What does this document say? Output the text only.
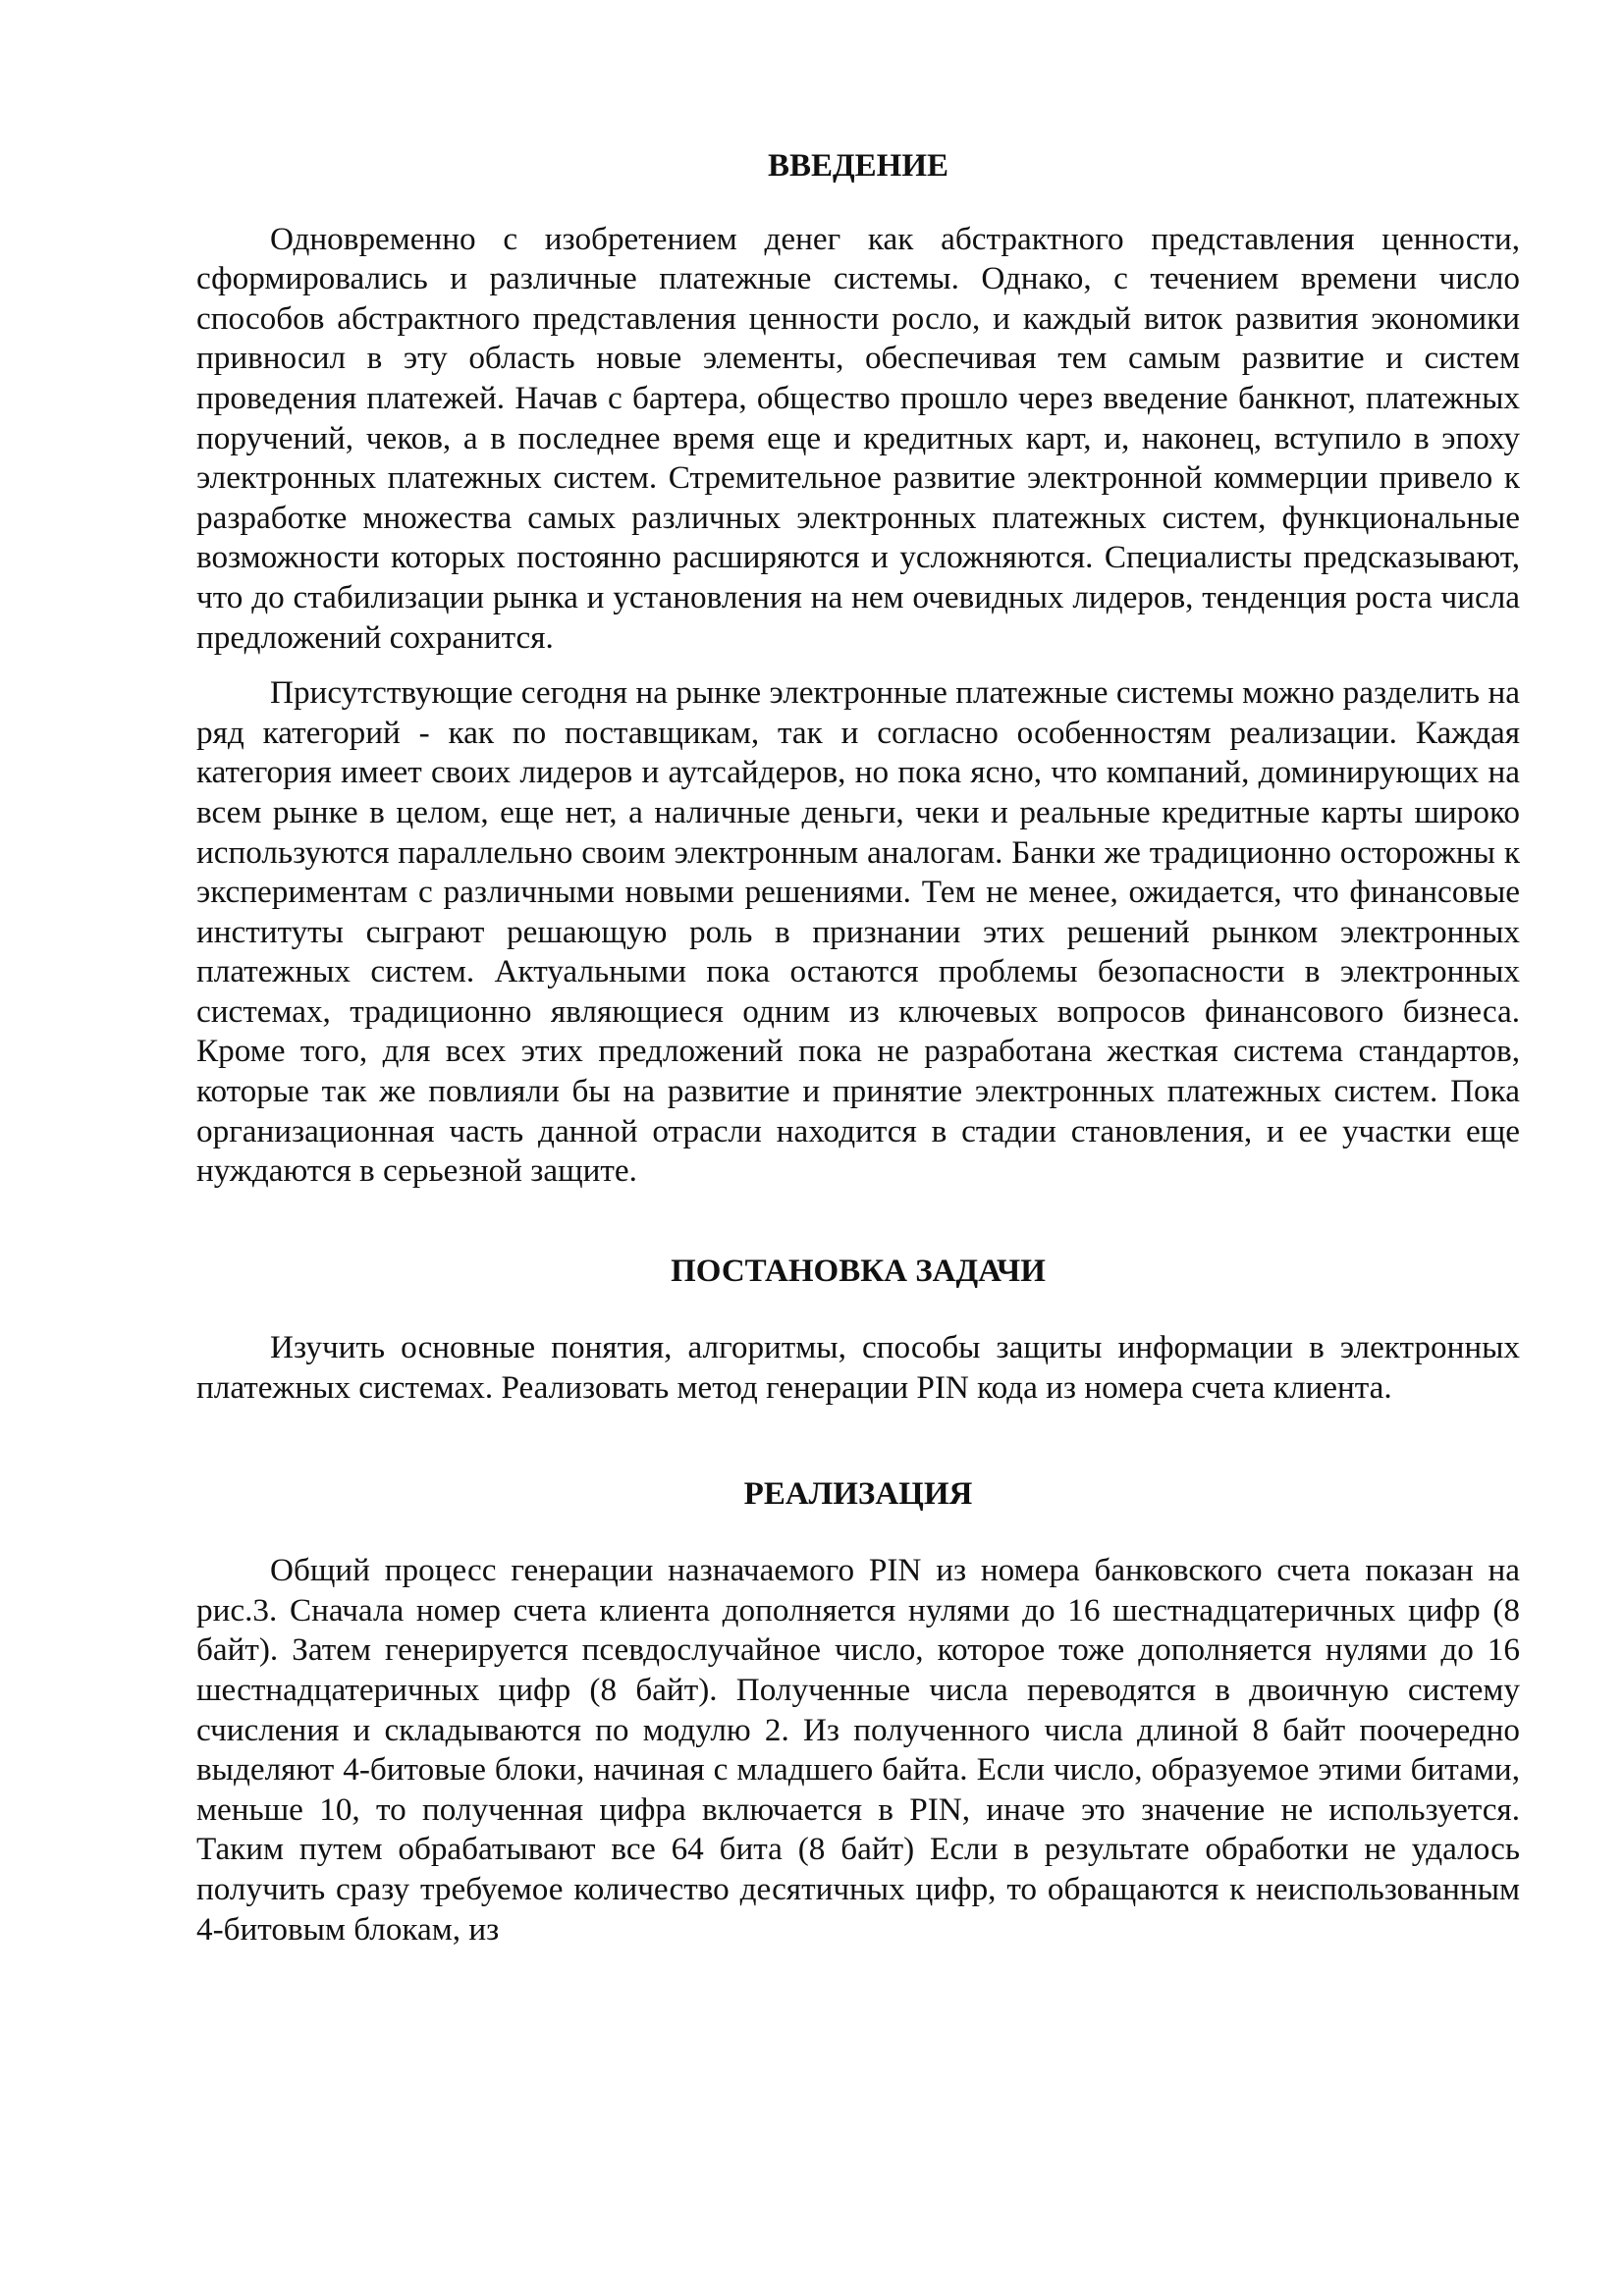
ВВЕДЕНИЕ

Одновременно с изобретением денег как абстрактного представления ценности, сформировались и различные платежные системы. Однако, с течением времени число способов абстрактного представления ценности росло, и каждый виток развития экономики привносил в эту область новые элементы, обеспечивая тем самым развитие и систем проведения платежей. Начав с бартера, общество прошло через введение банкнот, платежных поручений, чеков, а в последнее время еще и кредитных карт, и, наконец, вступило в эпоху электронных платежных систем. Стремительное развитие электронной коммерции привело к разработке множества самых различных электронных платежных систем, функциональные возможности которых постоянно расширяются и усложняются. Специалисты предсказывают, что до стабилизации рынка и установления на нем очевидных лидеров, тенденция роста числа предложений сохранится.

Присутствующие сегодня на рынке электронные платежные системы можно разделить на ряд категорий - как по поставщикам, так и согласно особенностям реализации. Каждая категория имеет своих лидеров и аутсайдеров, но пока ясно, что компаний, доминирующих на всем рынке в целом, еще нет, а наличные деньги, чеки и реальные кредитные карты широко используются параллельно своим электронным аналогам. Банки же традиционно осторожны к экспериментам с различными новыми решениями. Тем не менее, ожидается, что финансовые институты сыграют решающую роль в признании этих решений рынком электронных платежных систем. Актуальными пока остаются проблемы безопасности в электронных системах, традиционно являющиеся одним из ключевых вопросов финансового бизнеса. Кроме того, для всех этих предложений пока не разработана жесткая система стандартов, которые так же повлияли бы на развитие и принятие электронных платежных систем. Пока организационная часть данной отрасли находится в стадии становления, и ее участки еще нуждаются в серьезной защите.

ПОСТАНОВКА ЗАДАЧИ

Изучить основные понятия, алгоритмы, способы защиты информации в электронных платежных системах. Реализовать метод генерации PIN кода из номера счета клиента.

РЕАЛИЗАЦИЯ

Общий процесс генерации назначаемого PIN из номера банковского счета показан на рис.3. Сначала номер счета клиента дополняется нулями до 16 шестнадцатеричных цифр (8 байт). Затем генерируется псевдослучайное число, которое тоже дополняется нулями до 16 шестнадцатеричных цифр (8 байт). Полученные числа переводятся в двоичную систему счисления и складываются по модулю 2. Из полученного числа длиной 8 байт поочередно выделяют 4-битовые блоки, начиная с младшего байта. Если число, образуемое этими битами, меньше 10, то полученная цифра включается в PIN, иначе это значение не используется. Таким путем обрабатывают все 64 бита (8 байт) Если в результате обработки не удалось получить сразу требуемое количество десятичных цифр, то обращаются к неиспользованным 4-битовым блокам, из
